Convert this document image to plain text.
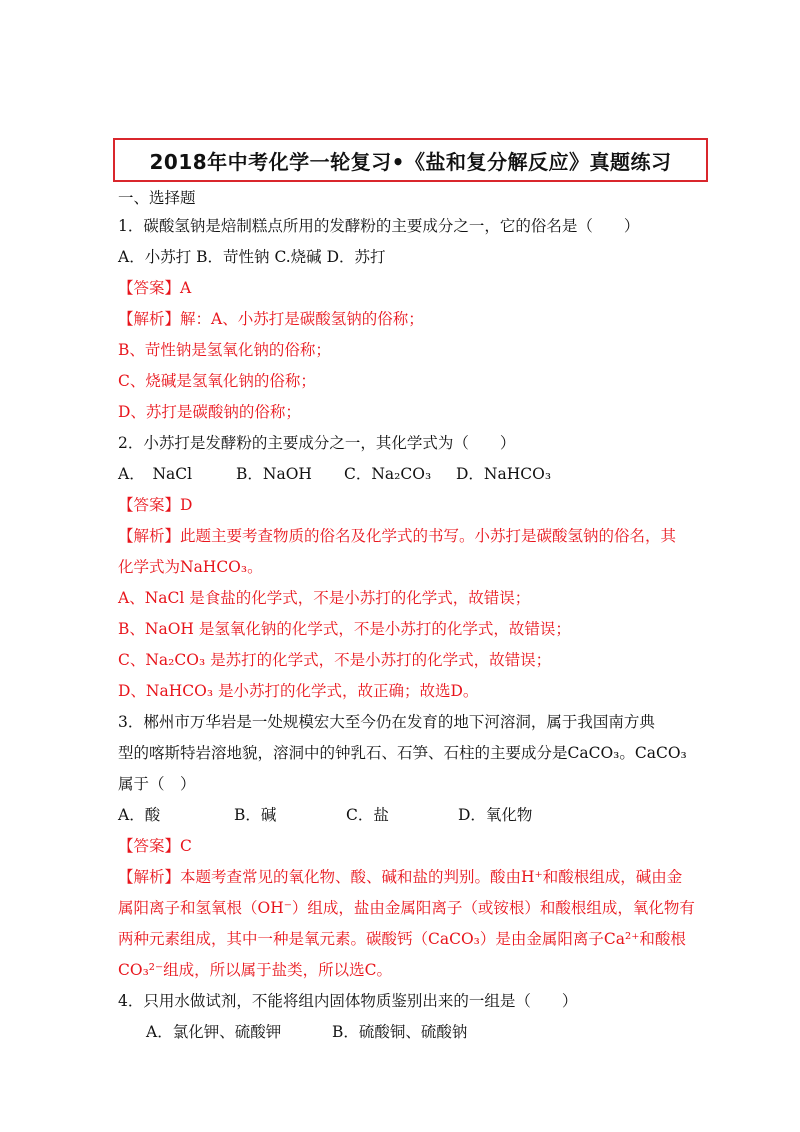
2018年中考化学一轮复习•《盐和复分解反应》真题练习
一、选择题
1．碳酸氢钠是焙制糕点所用的发酵粉的主要成分之一，它的俗名是（　　）
A．小苏打 B．苛性钠 C.烧碱 D．苏打
【答案】A
【解析】解：A、小苏打是碳酸氢钠的俗称；
B、苛性钠是氢氧化钠的俗称；
C、烧碱是氢氧化钠的俗称；
D、苏打是碳酸钠的俗称；
2．小苏打是发酵粉的主要成分之一，其化学式为（　　）
A．　NaCl	B．NaOH C．Na₂CO₃ D．NaHCO₃
【答案】D
【解析】此题主要考查物质的俗名及化学式的书写。小苏打是碳酸氢钠的俗名，其
化学式为NaHCO₃。
A、NaCl 是食盐的化学式，不是小苏打的化学式，故错误；
B、NaOH 是氢氧化钠的化学式，不是小苏打的化学式，故错误；
C、Na₂CO₃ 是苏打的化学式，不是小苏打的化学式，故错误；
D、NaHCO₃ 是小苏打的化学式，故正确；故选D。
3．郴州市万华岩是一处规模宏大至今仍在发育的地下河溶洞，属于我国南方典
型的喀斯特岩溶地貌，溶洞中的钟乳石、石笋、石柱的主要成分是CaCO₃。CaCO₃
属于（　）
A．酸	B．碱	C．盐	D．氧化物
【答案】C
【解析】本题考查常见的氧化物、酸、碱和盐的判别。酸由H⁺和酸根组成，碱由金
属阳离子和氢氧根（OH⁻）组成，盐由金属阳离子（或铵根）和酸根组成，氧化物有
两种元素组成，其中一种是氧元素。碳酸钙（CaCO₃）是由金属阳离子Ca²⁺和酸根
CO₃²⁻组成，所以属于盐类，所以选C。
4．只用水做试剂，不能将组内固体物质鉴别出来的一组是（　　）
A．氯化钾、硫酸钾	B．硫酸铜、硫酸钠
